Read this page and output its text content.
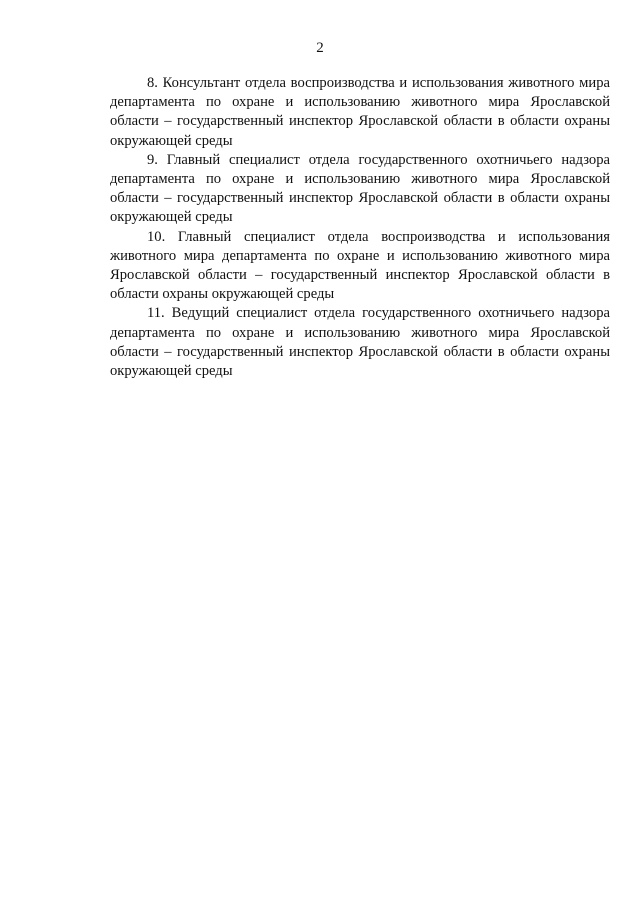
2

8. Консультант отдела воспроизводства и использования животного мира департамента по охране и использованию животного мира Ярославской области – государственный инспектор Ярославской области в области охраны окружающей среды

9. Главный специалист отдела государственного охотничьего надзора департамента по охране и использованию животного мира Ярославской области – государственный инспектор Ярославской области в области охраны окружающей среды

10. Главный специалист отдела воспроизводства и использования животного мира департамента по охране и использованию животного мира Ярославской области – государственный инспектор Ярославской области в области охраны окружающей среды

11. Ведущий специалист отдела государственного охотничьего надзора департамента по охране и использованию животного мира Ярославской области – государственный инспектор Ярославской области в области охраны окружающей среды
